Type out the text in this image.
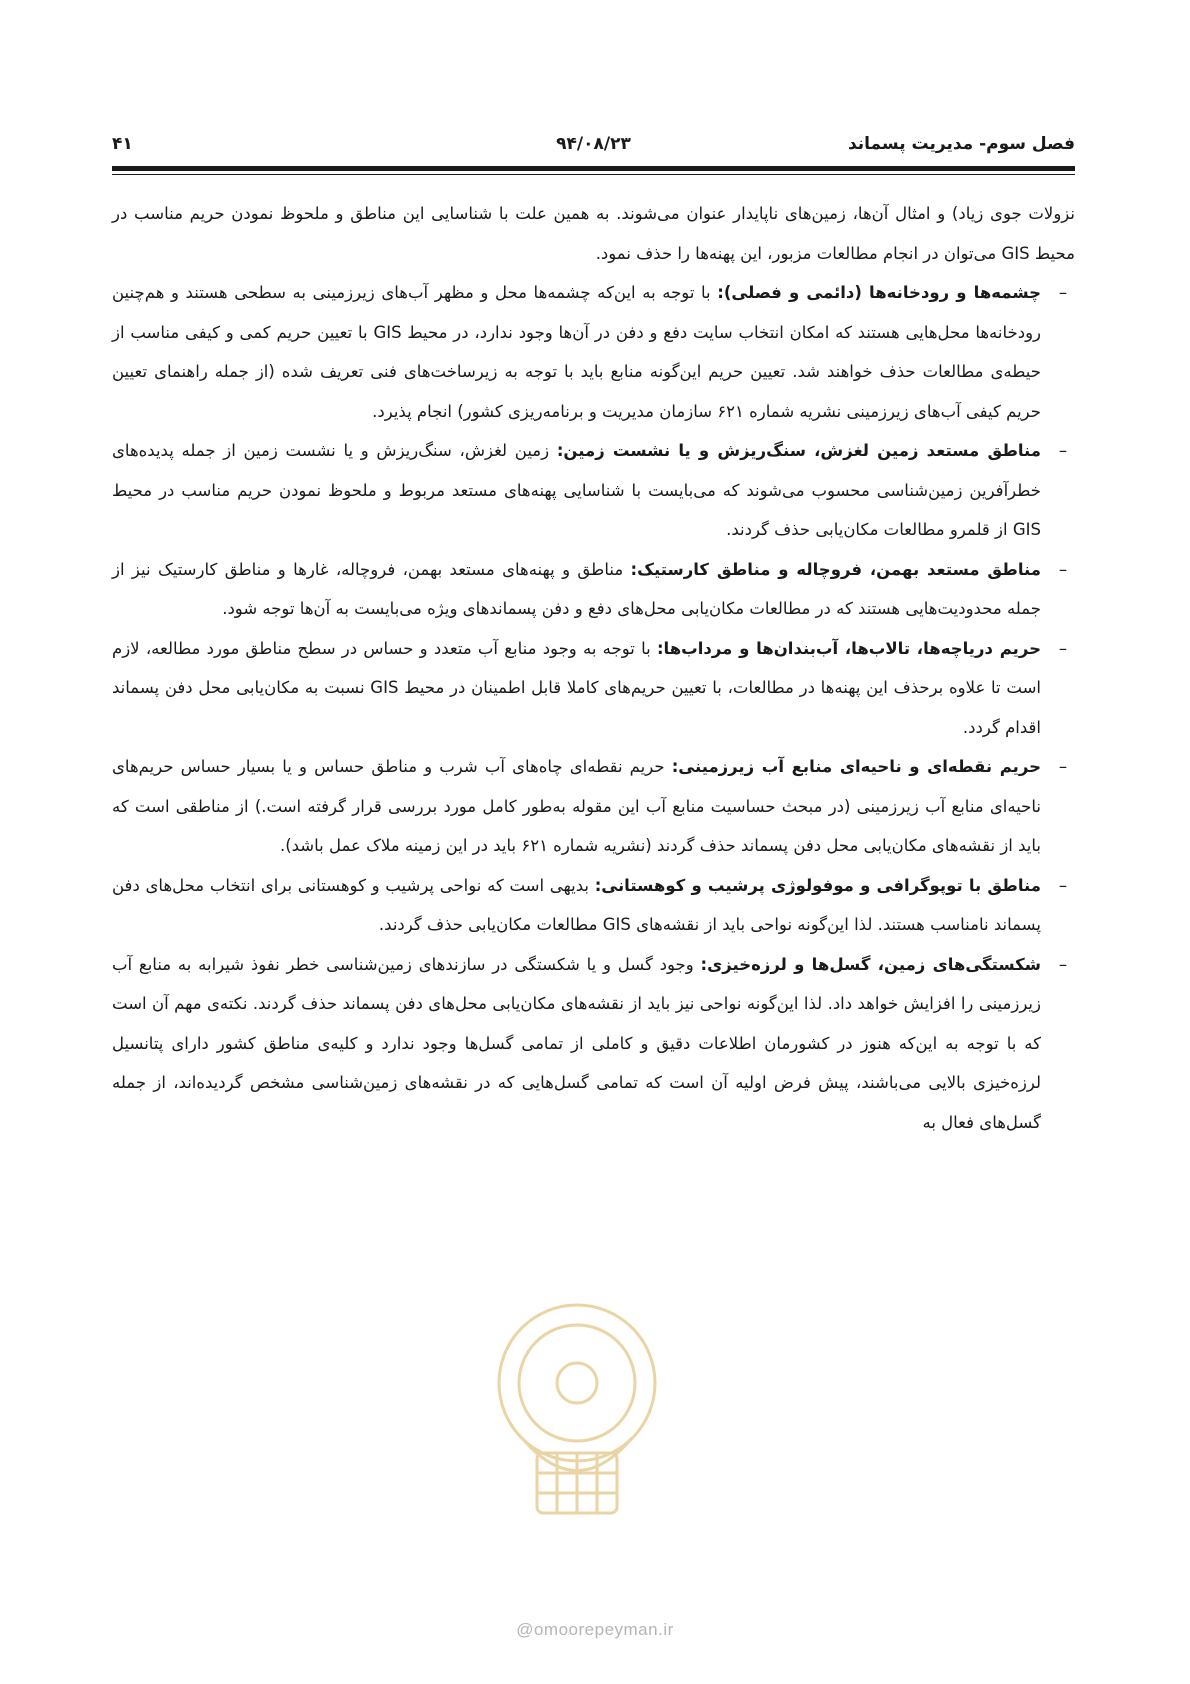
فصل سوم- مدیریت پسماند
۹۴/۰۸/۲۳
۴۱

نزولات جوی زیاد) و امثال آن‌ها، زمین‌های ناپایدار عنوان می‌شوند. به همین علت با شناسایی این مناطق و ملحوظ نمودن حریم مناسب در محیط GIS می‌توان در انجام مطالعات مزبور، این پهنه‌ها را حذف نمود.

–
چشمه‌ها و رودخانه‌ها (دائمی و فصلی): با توجه به این‌که چشمه‌ها محل و مظهر آب‌های زیرزمینی به سطحی هستند و هم‌چنین رودخانه‌ها محل‌هایی هستند که امکان انتخاب سایت دفع و دفن در آن‌ها وجود ندارد، در محیط GIS با تعیین حریم کمی و کیفی مناسب از حیطه‌ی مطالعات حذف خواهند شد. تعیین حریم این‌گونه منابع باید با توجه به زیرساخت‌های فنی تعریف شده (از جمله راهنمای تعیین حریم کیفی آب‌های زیرزمینی نشریه شماره ۶۲۱ سازمان مدیریت و برنامه‌ریزی کشور) انجام پذیرد.
–
مناطق مستعد زمین لغزش، سنگ‌ریزش و یا نشست زمین: زمین لغزش، سنگ‌ریزش و یا نشست زمین از جمله پدیده‌های خطرآفرین زمین‌شناسی محسوب می‌شوند که می‌بایست با شناسایی پهنه‌های مستعد مربوط و ملحوظ نمودن حریم مناسب در محیط GIS از قلمرو مطالعات مکان‌یابی حذف گردند.
–
مناطق مستعد بهمن، فروچاله و مناطق کارستیک: مناطق و پهنه‌های مستعد بهمن، فروچاله، غارها و مناطق کارستیک نیز از جمله محدودیت‌هایی هستند که در مطالعات مکان‌یابی محل‌های دفع و دفن پسماندهای ویژه می‌بایست به آن‌ها توجه شود.
–
حریم دریاچه‌ها، تالاب‌ها، آب‌بندان‌ها و مرداب‌ها: با توجه به وجود منابع آب متعدد و حساس در سطح مناطق مورد مطالعه، لازم است تا علاوه برحذف این پهنه‌ها در مطالعات، با تعیین حریم‌های کاملا قابل اطمینان در محیط GIS نسبت به مکان‌یابی محل دفن پسماند اقدام گردد.
–
حریم نقطه‌ای و ناحیه‌ای منابع آب زیرزمینی: حریم نقطه‌ای چاه‌های آب شرب و مناطق حساس و یا بسیار حساس حریم‌های ناحیه‌ای منابع آب زیرزمینی (در مبحث حساسیت منابع آب این مقوله به‌طور کامل مورد بررسی قرار گرفته است.) از مناطقی است که باید از نقشه‌های مکان‌یابی محل دفن پسماند حذف گردند (نشریه شماره ۶۲۱ باید در این زمینه ملاک عمل باشد).
–
مناطق با توپوگرافی و موفولوژی پرشیب و کوهستانی: بدیهی است که نواحی پرشیب و کوهستانی برای انتخاب محل‌های دفن پسماند نامناسب هستند. لذا این‌گونه نواحی باید از نقشه‌های GIS مطالعات مکان‌یابی حذف گردند.
–
شکستگی‌های زمین، گسل‌ها و لرزه‌خیزی: وجود گسل و یا شکستگی در سازندهای زمین‌شناسی خطر نفوذ شیرابه به منابع آب زیرزمینی را افزایش خواهد داد. لذا این‌گونه نواحی نیز باید از نقشه‌های مکان‌یابی محل‌های دفن پسماند حذف گردند. نکته‌ی مهم آن است که با توجه به این‌که هنوز در کشورمان اطلاعات دقیق و کاملی از تمامی گسل‌ها وجود ندارد و کلیه‌ی مناطق کشور دارای پتانسیل لرزه‌خیزی بالایی می‌باشند، پیش فرض اولیه آن است که تمامی گسل‌هایی که در نقشه‌های زمین‌شناسی مشخص گردیده‌اند، از جمله گسل‌های فعال به
@omoorepeyman.ir
